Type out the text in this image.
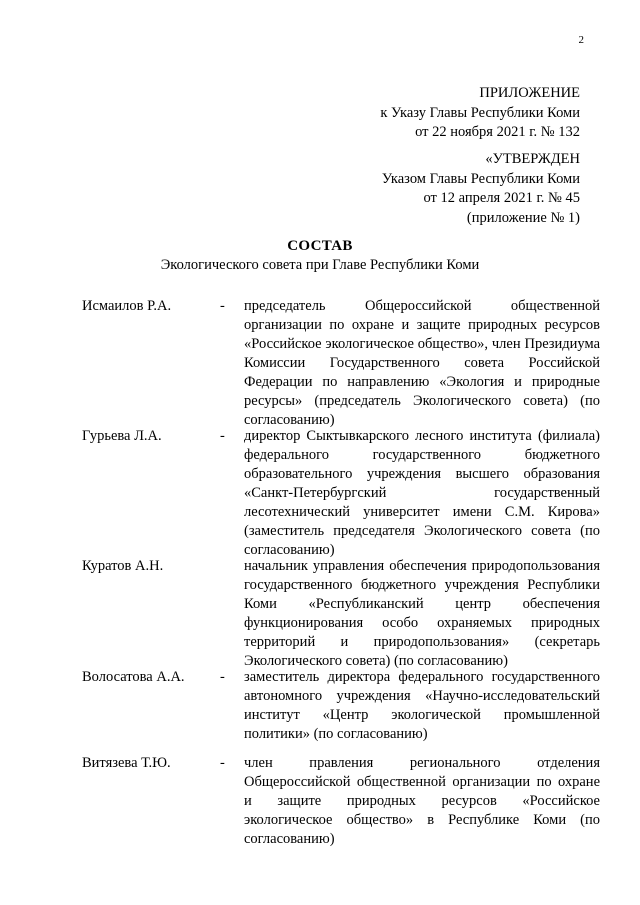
2
ПРИЛОЖЕНИЕ
к Указу Главы Республики Коми
от 22 ноября 2021 г. № 132
«УТВЕРЖДЕН
Указом Главы Республики Коми
от 12 апреля 2021 г. № 45
(приложение № 1)
СОСТАВ
Экологического совета при Главе Республики Коми
Исмаилов Р.А.	- председатель Общероссийской общественной организации по охране и защите природных ресурсов «Российское экологическое общество», член Президиума Комиссии Государственного совета Российской Федерации по направлению «Экология и природные ресурсы» (председатель Экологического совета) (по согласованию)
Гурьева Л.А.	- директор Сыктывкарского лесного института (филиала) федерального государственного бюджетного образовательного учреждения высшего образования «Санкт-Петербургский государственный лесотехнический университет имени С.М. Кирова» (заместитель председателя Экологического совета (по согласованию)
Куратов А.Н.	начальник управления обеспечения природопользования государственного бюджетного учреждения Республики Коми «Республиканский центр обеспечения функционирования особо охраняемых природных территорий и природопользования» (секретарь Экологического совета) (по согласованию)
Волосатова А.А. - заместитель директора федерального государственного автономного учреждения «Научно-исследовательский институт «Центр экологической промышленной политики» (по согласованию)
Витязева Т.Ю.	- член правления регионального отделения Общероссийской общественной организации по охране и защите природных ресурсов «Российское экологическое общество» в Республике Коми (по согласованию)
